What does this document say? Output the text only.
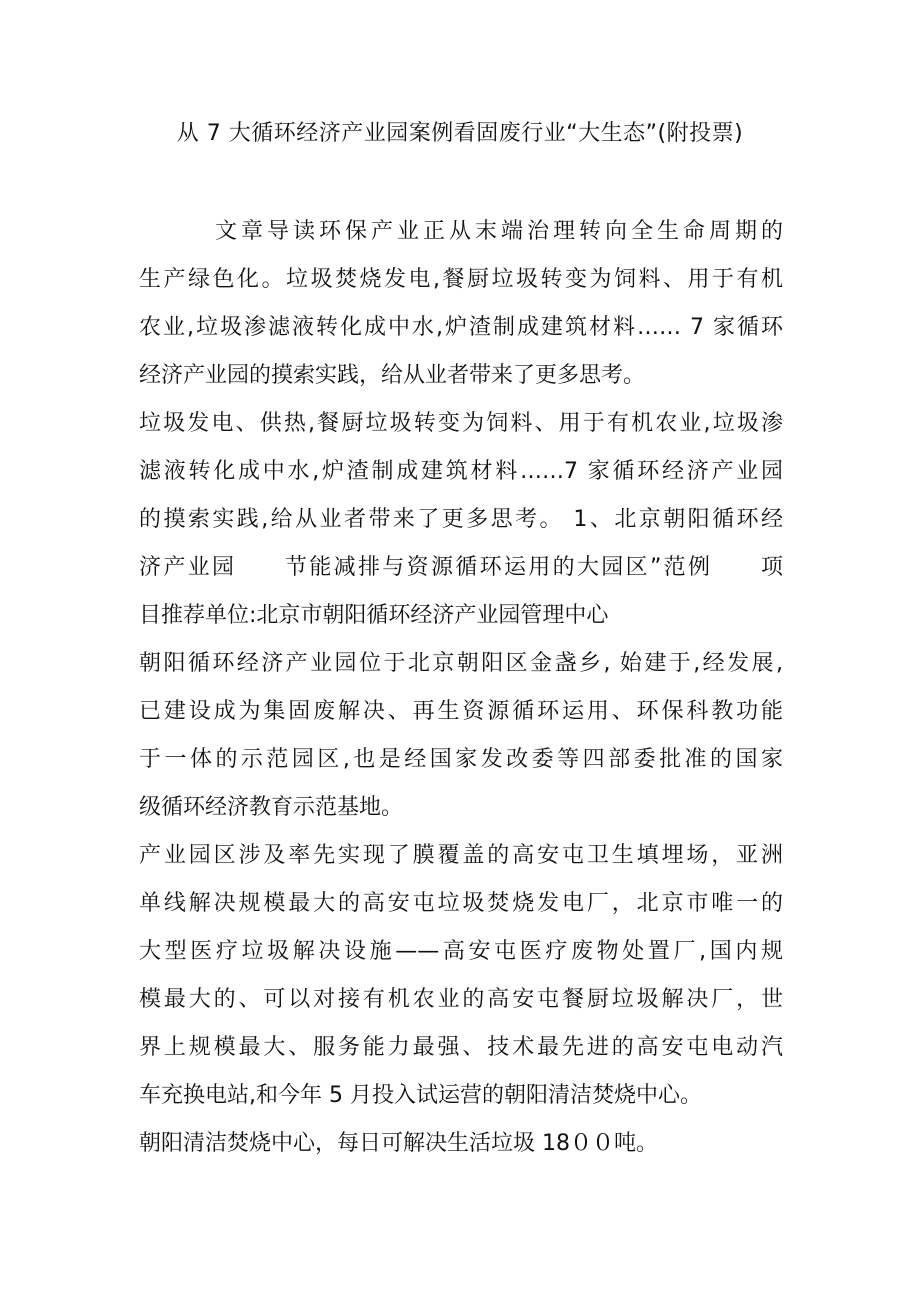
从 7 大循环经济产业园案例看固废行业“大生态”(附投票)
文章导读环保产业正从末端治理转向全生命周期的
生产绿色化。垃圾焚烧发电,餐厨垃圾转变为饲料、用于有机
农业,垃圾渗滤液转化成中水,炉渣制成建筑材料…… 7 家循环
经济产业园的摸索实践，给从业者带来了更多思考。
垃圾发电、供热,餐厨垃圾转变为饲料、用于有机农业,垃圾渗
滤液转化成中水,炉渣制成建筑材料……7 家循环经济产业园
的摸索实践,给从业者带来了更多思考。 1、北京朝阳循环经
济产业园　　节能减排与资源循环运用的大园区”范例　　项
目推荐单位:北京市朝阳循环经济产业园管理中心
朝阳循环经济产业园位于北京朝阳区金盏乡, 始建于,经发展,
已建设成为集固废解决、再生资源循环运用、环保科教功能
于一体的示范园区,也是经国家发改委等四部委批准的国家
级循环经济教育示范基地。
产业园区涉及率先实现了膜覆盖的高安屯卫生填埋场，亚洲
单线解决规模最大的高安屯垃圾焚烧发电厂，北京市唯一的
大型医疗垃圾解决设施——高安屯医疗废物处置厂,国内规
模最大的、可以对接有机农业的高安屯餐厨垃圾解决厂，世
界上规模最大、服务能力最强、技术最先进的高安屯电动汽
车充换电站,和今年 5 月投入试运营的朝阳清洁焚烧中心。
朝阳清洁焚烧中心，每日可解决生活垃圾 18００吨。
